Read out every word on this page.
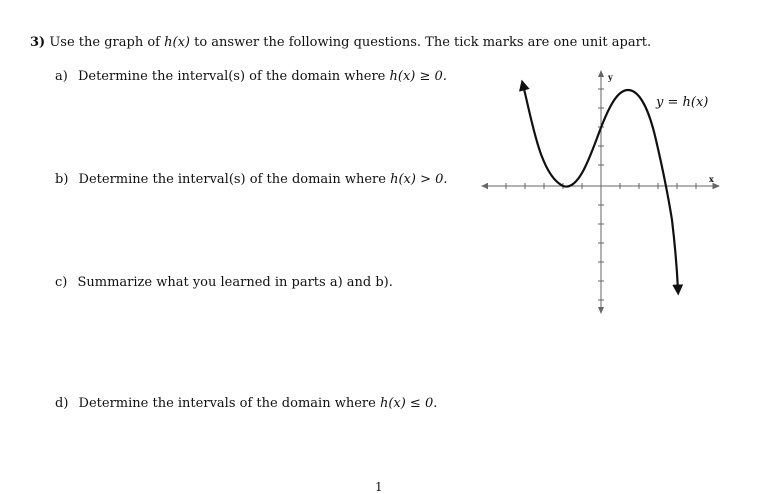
3) Use the graph of h(x) to answer the following questions. The tick marks are one unit apart.
a) Determine the interval(s) of the domain where h(x) ≥ 0.
b) Determine the interval(s) of the domain where h(x) > 0.
c) Summarize what you learned in parts a) and b).
d) Determine the intervals of the domain where h(x) ≤ 0.
y
x
y = h(x)
1
